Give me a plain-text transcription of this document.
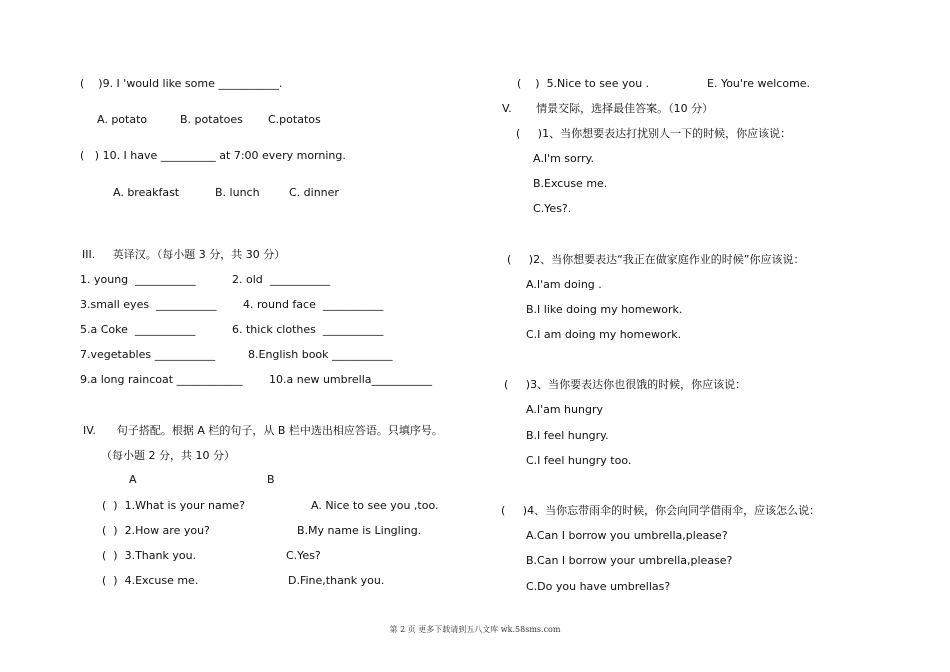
(    )9. I 'would like some ___________.
A. potato	B. potatoes C.potatos
(   ) 10. I have __________ at 7:00 every morning.
A. breakfast	B. lunch	C. dinner
III.     英译汉。（每小题 3 分，共 30 分）
1. young  ___________	2. old  ___________
3.small eyes  ___________ 4. round face  ___________
5.a Coke  ___________	6. thick clothes  ___________
7.vegetables ___________	8.English book ___________
9.a long raincoat ____________ 10.a new umbrella___________
IV.      句子搭配。根据 A 栏的句子，从 B 栏中选出相应答语。只填序号。
（每小题 2 分，共 10 分）
A	B
(  )  1.What is your name?	A. Nice to see you ,too.
(  )  2.How are you?	B.My name is Lingling.
(  )  3.Thank you.	C.Yes?
(  )  4.Excuse me.	D.Fine,thank you.
(    )  5.Nice to see you .	E. You're welcome.
V.       情景交际，选择最佳答案。（10 分）
(     )1、当你想要表达打扰别人一下的时候，你应该说：
A.I'm sorry.
B.Excuse me.
C.Yes?.
(     )2、当你想要表达“我正在做家庭作业的时候”你应该说：
A.I'am doing .
B.I like doing my homework.
C.I am doing my homework.
(     )3、当你要表达你也很饿的时候，你应该说：
A.I'am hungry
B.I feel hungry.
C.I feel hungry too.
(     )4、当你忘带雨伞的时候，你会向同学借雨伞，应该怎么说：
A.Can I borrow you umbrella,please?
B.Can I borrow your umbrella,please?
C.Do you have umbrellas?
第 2 页 更多下载请到五八文库 wk.58sms.com
